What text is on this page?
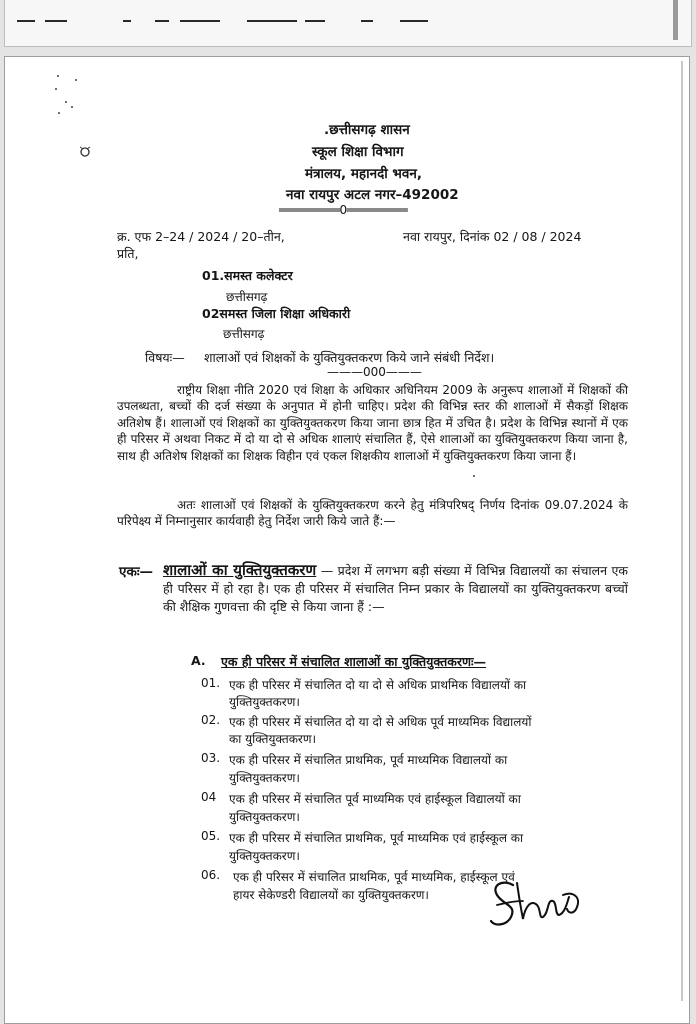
.छत्तीसगढ़ शासन
स्कूल शिक्षा विभाग
मंत्रालय, महानदी भवन,
नवा रायपुर अटल नगर–492002
═════════0═════════
क्र. एफ 2–24 / 2024 / 20–तीन,	नवा रायपुर, दिनांक 02 / 08 / 2024
प्रति,
01.समस्त कलेक्टर
छत्तीसगढ़
02समस्त जिला शिक्षा अधिकारी
छत्तीसगढ़
विषयः— शालाओं एवं शिक्षकों के युक्तियुक्तकरण किये जाने संबंधी निर्देश।
———000———
राष्ट्रीय शिक्षा नीति 2020 एवं शिक्षा के अधिकार अधिनियम 2009 के अनुरूप शालाओं में शिक्षकों की उपलब्धता, बच्चों की दर्ज संख्या के अनुपात में होनी चाहिए। प्रदेश की विभिन्न स्तर की शालाओं में सैकड़ों शिक्षक अतिशेष हैं। शालाओं एवं शिक्षकों का युक्तियुक्तकरण किया जाना छात्र हित में उचित है। प्रदेश के विभिन्न स्थानों में एक ही परिसर में अथवा निकट में दो या दो से अधिक शालाएं संचालित हैं, ऐसे शालाओं का युक्तियुक्तकरण किया जाना है, साथ ही अतिशेष शिक्षकों का शिक्षक विहीन एवं एकल शिक्षकीय शालाओं में युक्तियुक्तकरण किया जाना हैं।
अतः शालाओं एवं शिक्षकों के युक्तियुक्तकरण करने हेतु मंत्रिपरिषद् निर्णय दिनांक 09.07.2024 के परिपेक्ष्य में निम्नानुसार कार्यवाही हेतु निर्देश जारी किये जाते हैं:—
एकः— शालाओं का युक्तियुक्तकरण — प्रदेश में लगभग बड़ी संख्या में विभिन्न विद्यालयों का संचालन एक ही परिसर में हो रहा है। एक ही परिसर में संचालित निम्न प्रकार के विद्यालयों का युक्तियुक्तकरण बच्चों की शैक्षिक गुणवत्ता की दृष्टि से किया जाना हैं :—
A. एक ही परिसर में संचालित शालाओं का युक्तियुक्तकरणः—
01. एक ही परिसर में संचालित दो या दो से अधिक प्राथमिक विद्यालयों का
युक्तियुक्तकरण।
02. एक ही परिसर में संचालित दो या दो से अधिक पूर्व माध्यमिक विद्यालयों
का युक्तियुक्तकरण।
03. एक ही परिसर में संचालित प्राथमिक, पूर्व माध्यमिक विद्यालयों का
युक्तियुक्तकरण।
04 एक ही परिसर में संचालित पूर्व माध्यमिक एवं हाईस्कूल विद्यालयों का
युक्तियुक्तकरण।
05. एक ही परिसर में संचालित प्राथमिक, पूर्व माध्यमिक एवं हाईस्कूल का
युक्तियुक्तकरण।
06. एक ही परिसर में संचालित प्राथमिक, पूर्व माध्यमिक, हाईस्कूल एवं
हायर सेकेण्डरी विद्यालयों का युक्तियुक्तकरण।
